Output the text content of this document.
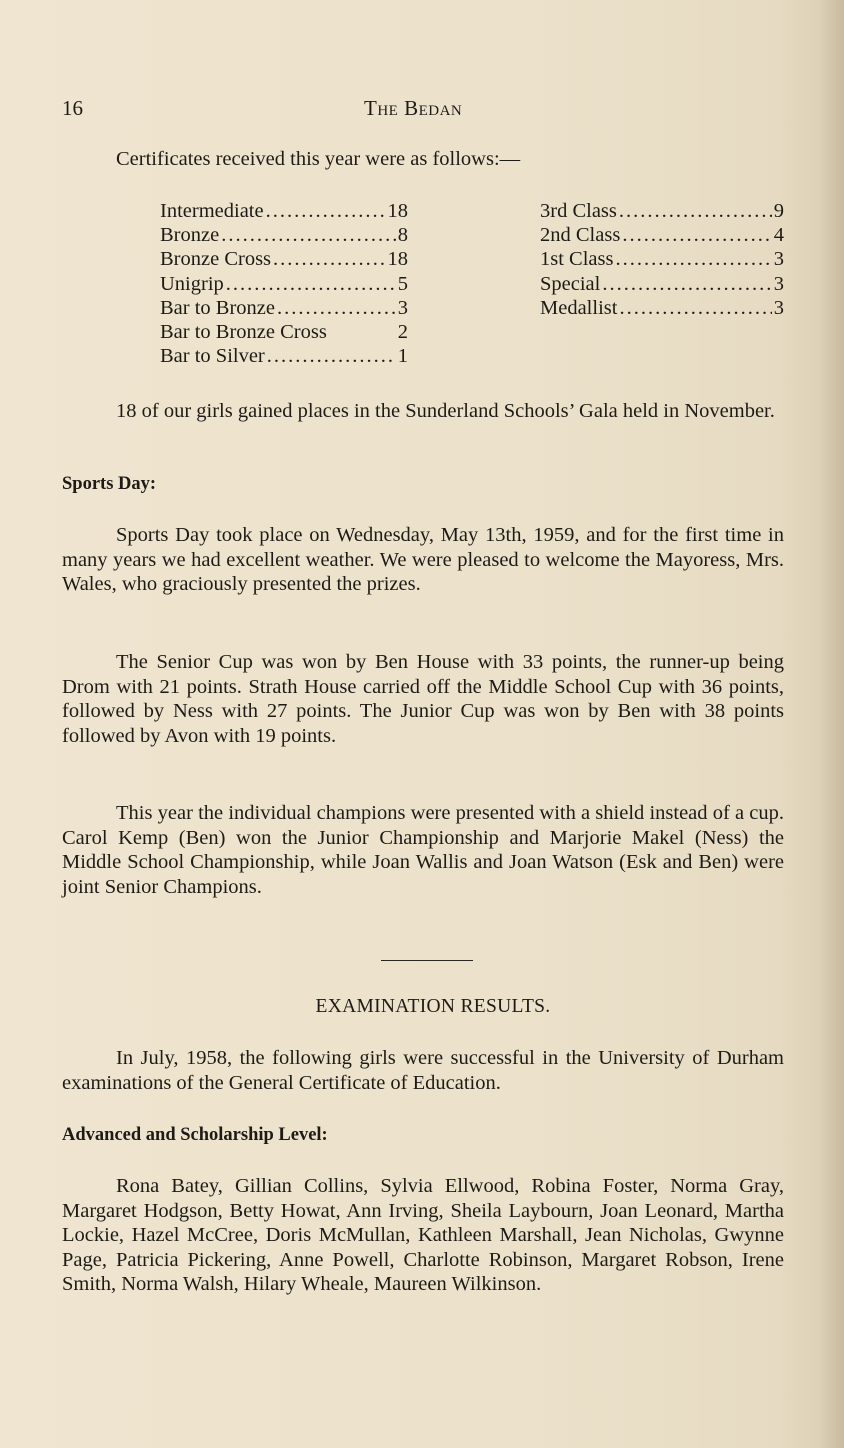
16	The Bedan

Certificates received this year were as follows:—

Intermediate .....	18
Bronze .....	8
Bronze Cross .....	18
Unigrip .....	5
Bar to Bronze .....	3
Bar to Bronze Cross	2
Bar to Silver .....	1
3rd Class .....	9
2nd Class .....	4
1st Class .....	3
Special .....	3
Medallist .....	3

18 of our girls gained places in the Sunderland Schools’ Gala held in November.

Sports Day:

Sports Day took place on Wednesday, May 13th, 1959, and for the first time in many years we had excellent weather. We were pleased to welcome the Mayoress, Mrs. Wales, who graciously presented the prizes.

The Senior Cup was won by Ben House with 33 points, the runner-up being Drom with 21 points. Strath House carried off the Middle School Cup with 36 points, followed by Ness with 27 points. The Junior Cup was won by Ben with 38 points followed by Avon with 19 points.

This year the individual champions were presented with a shield instead of a cup. Carol Kemp (Ben) won the Junior Championship and Marjorie Makel (Ness) the Middle School Championship, while Joan Wallis and Joan Watson (Esk and Ben) were joint Senior Champions.

EXAMINATION RESULTS.

In July, 1958, the following girls were successful in the University of Durham examinations of the General Certificate of Education.

Advanced and Scholarship Level:

Rona Batey, Gillian Collins, Sylvia Ellwood, Robina Foster, Norma Gray, Margaret Hodgson, Betty Howat, Ann Irving, Sheila Laybourn, Joan Leonard, Martha Lockie, Hazel McCree, Doris McMullan, Kathleen Marshall, Jean Nicholas, Gwynne Page, Patricia Pickering, Anne Powell, Charlotte Robinson, Margaret Robson, Irene Smith, Norma Walsh, Hilary Wheale, Maureen Wilkinson.
